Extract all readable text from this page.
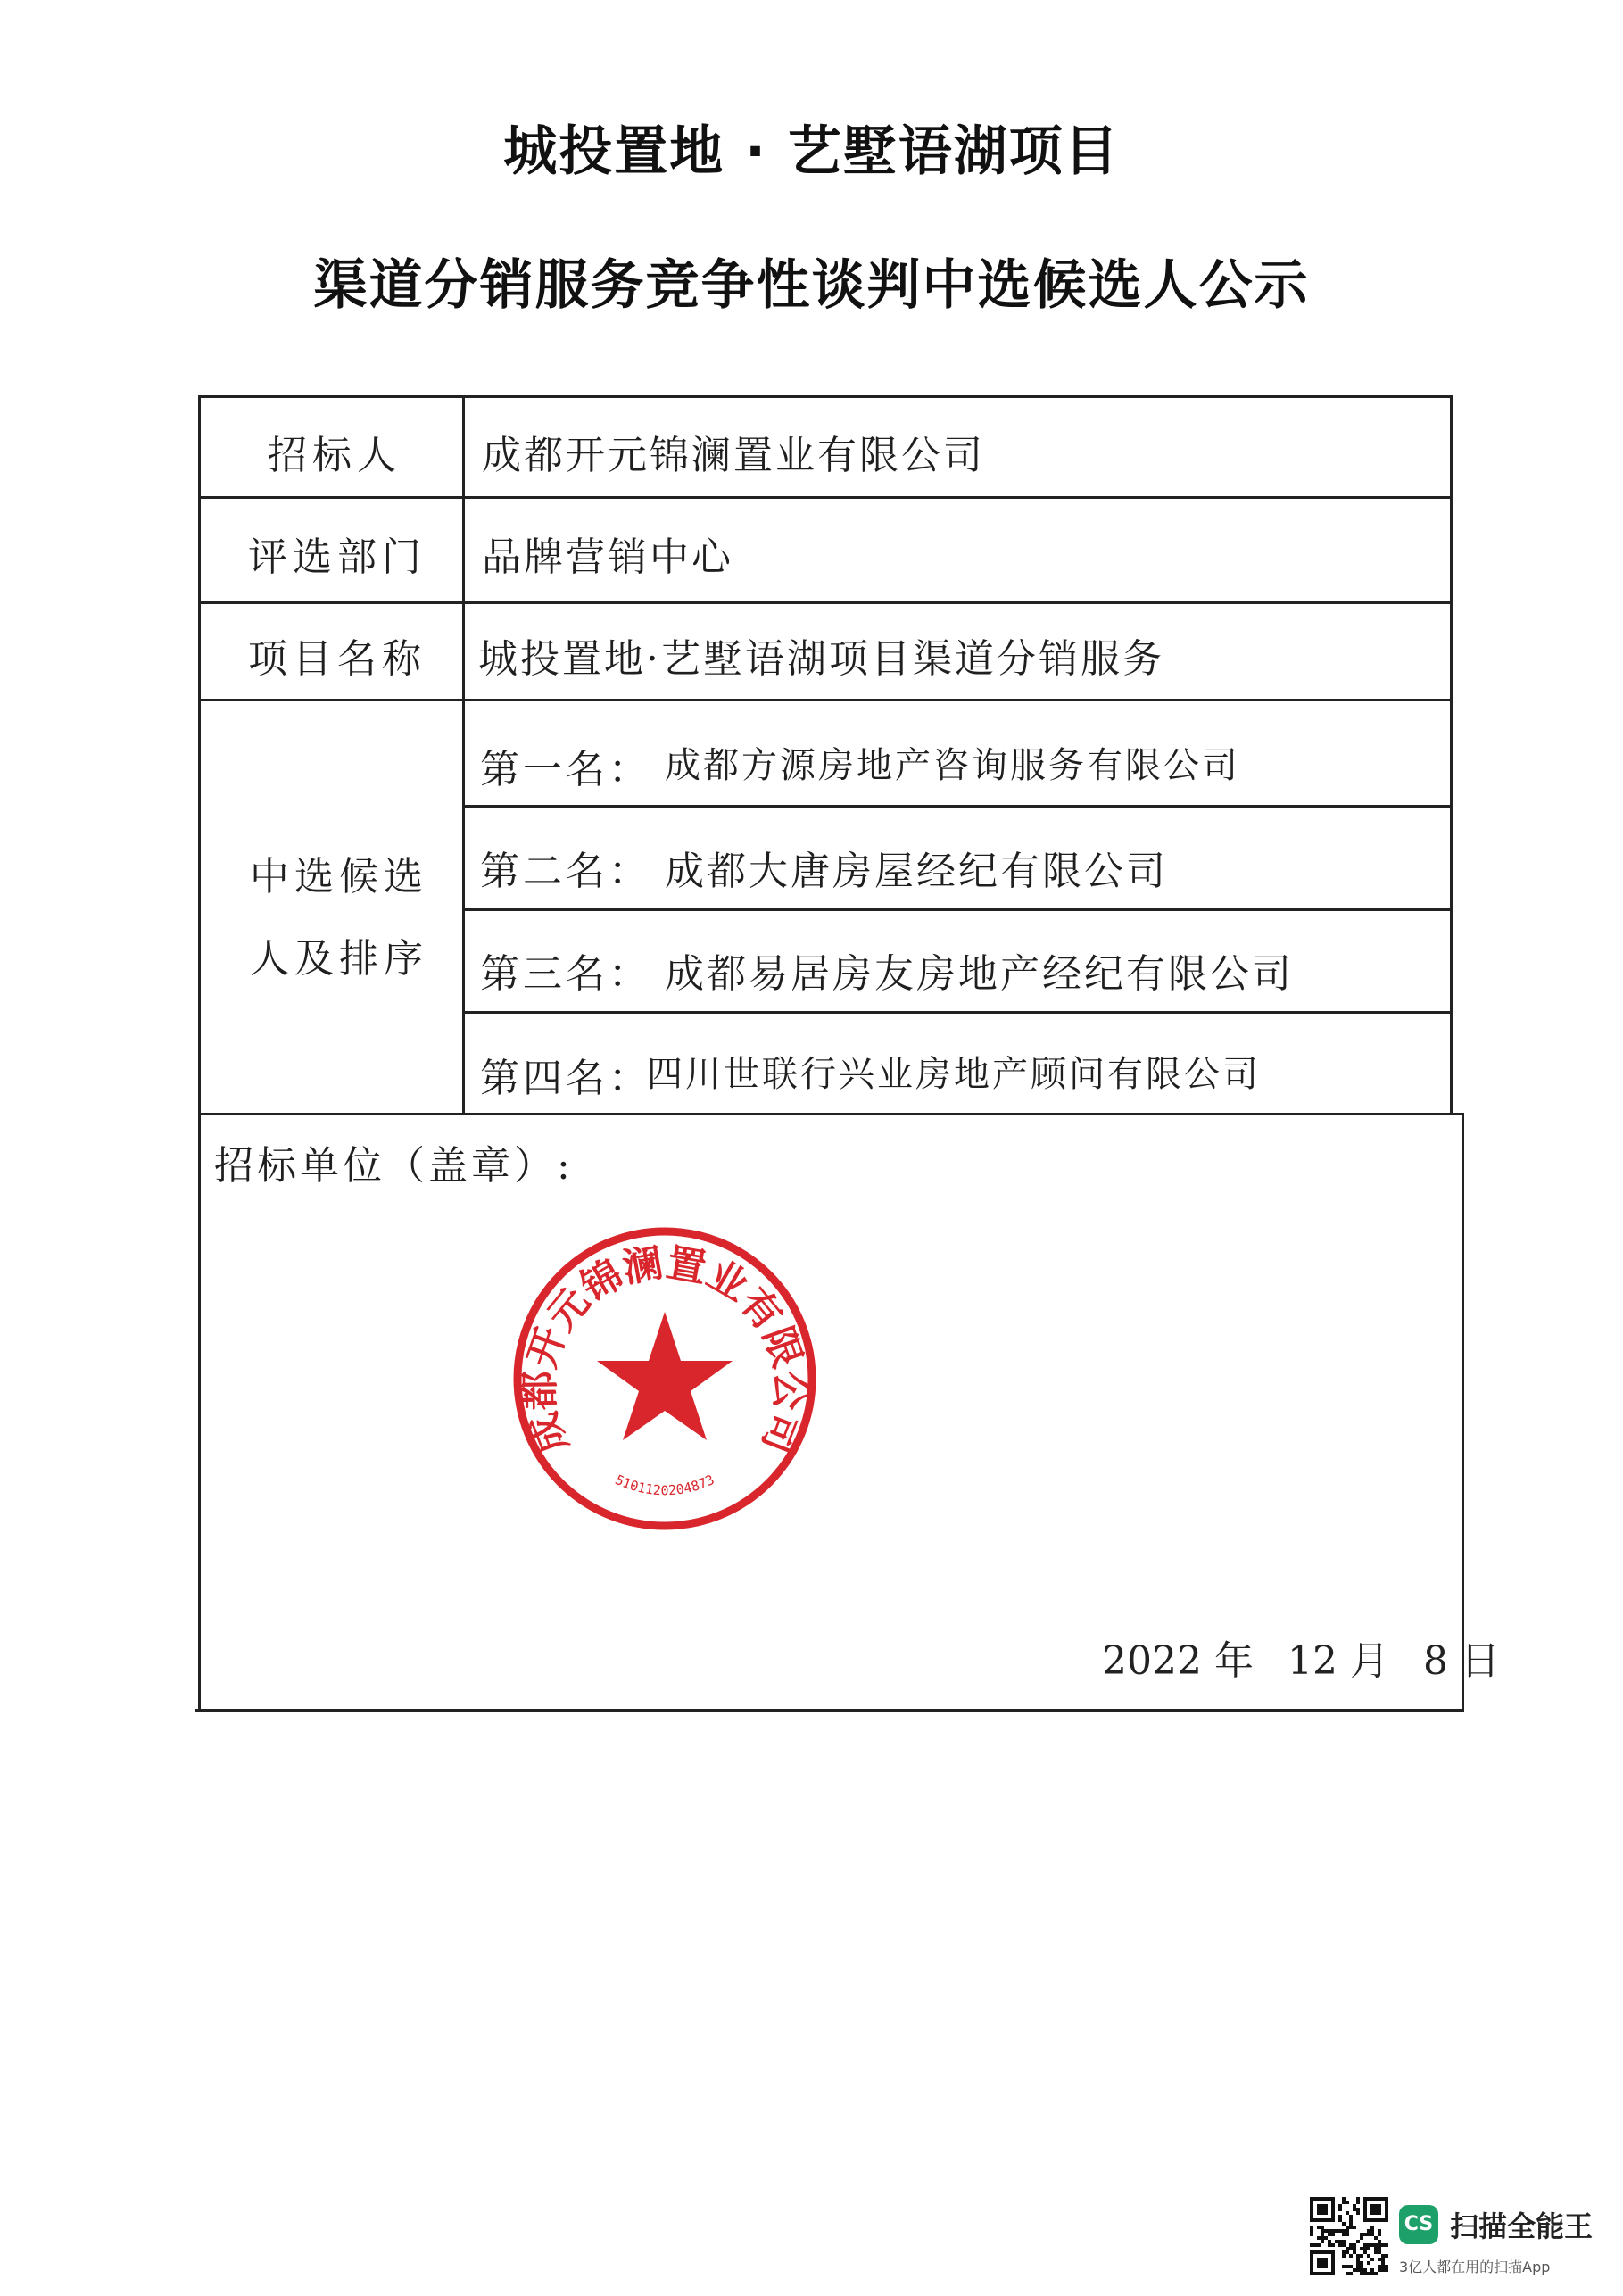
城投置地 · 艺墅语湖项目
渠道分销服务竞争性谈判中选候选人公示
招标人 成都开元锦澜置业有限公司
评选部门 品牌营销中心
项目名称 城投置地·艺墅语湖项目渠道分销服务
中选候选
人及排序
第一名： 成都方源房地产咨询服务有限公司
第二名： 成都大唐房屋经纪有限公司
第三名： 成都易居房友房地产经纪有限公司
第四名：
四川世联行兴业房地产顾问有限公司
招标单位（盖章）:
成都开元锦澜置业有限公司
5101120204873
2022 年 12 月 8 日
CS 扫描全能王
3亿人都在用的扫描App
